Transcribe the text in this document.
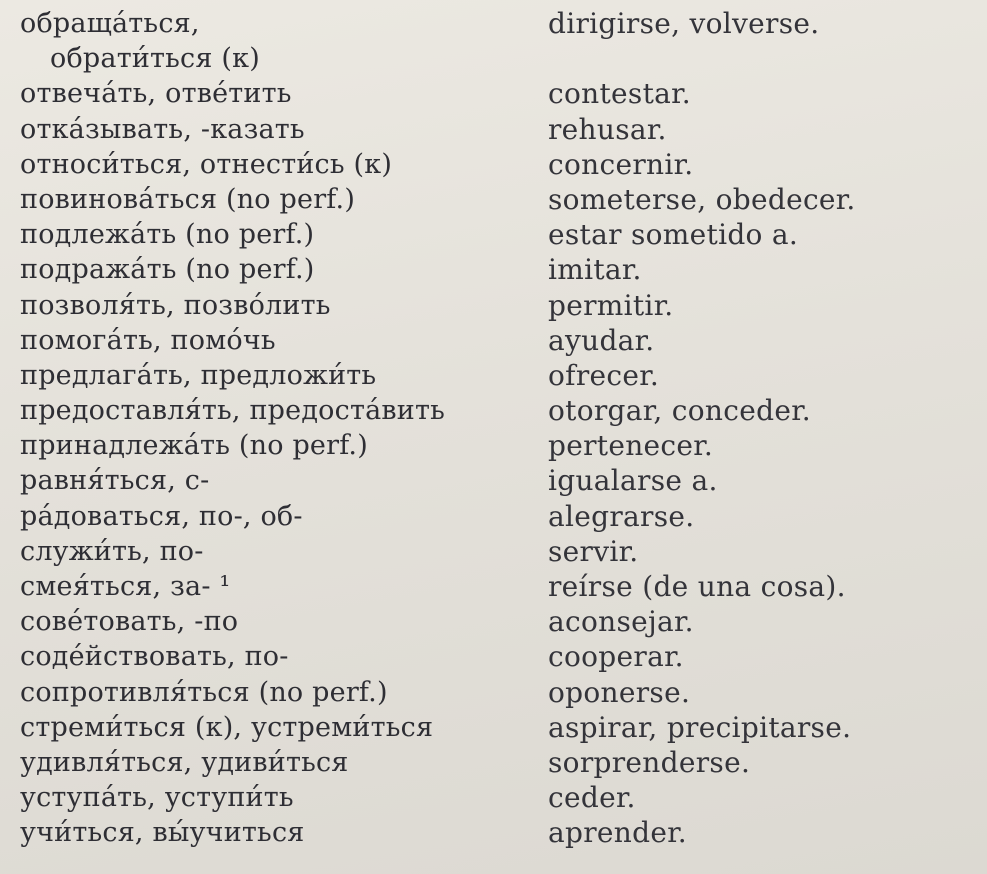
обраща́ться,	dirigirse, volverse.
обрати́ться (к)
отвеча́ть, отве́тить	contestar.
отка́зывать, -казать	rehusar.
относи́ться, отнести́сь (к)	concernir.
повинова́ться (no perf.)	someterse, obedecer.
подлежа́ть (no perf.)	estar sometido a.
подража́ть (no perf.)	imitar.
позволя́ть, позво́лить	permitir.
помога́ть, помо́чь	ayudar.
предлага́ть, предложи́ть	ofrecer.
предоставля́ть, предоста́вить	otorgar, conceder.
принадлежа́ть (no perf.)	pertenecer.
равня́ться, с-	igualarse a.
ра́доваться, по-, об-	alegrarse.
служи́ть, по-	servir.
смея́ться, за- ¹	reírse (de una cosa).
сове́товать, -по	aconsejar.
соде́йствовать, по-	cooperar.
сопротивля́ться (no perf.)	oponerse.
стреми́ться (к), устреми́ться	aspirar, precipitarse.
удивля́ться, удиви́ться	sorprenderse.
уступа́ть, уступи́ть	ceder.
учи́ться, вы́учиться	aprender.
